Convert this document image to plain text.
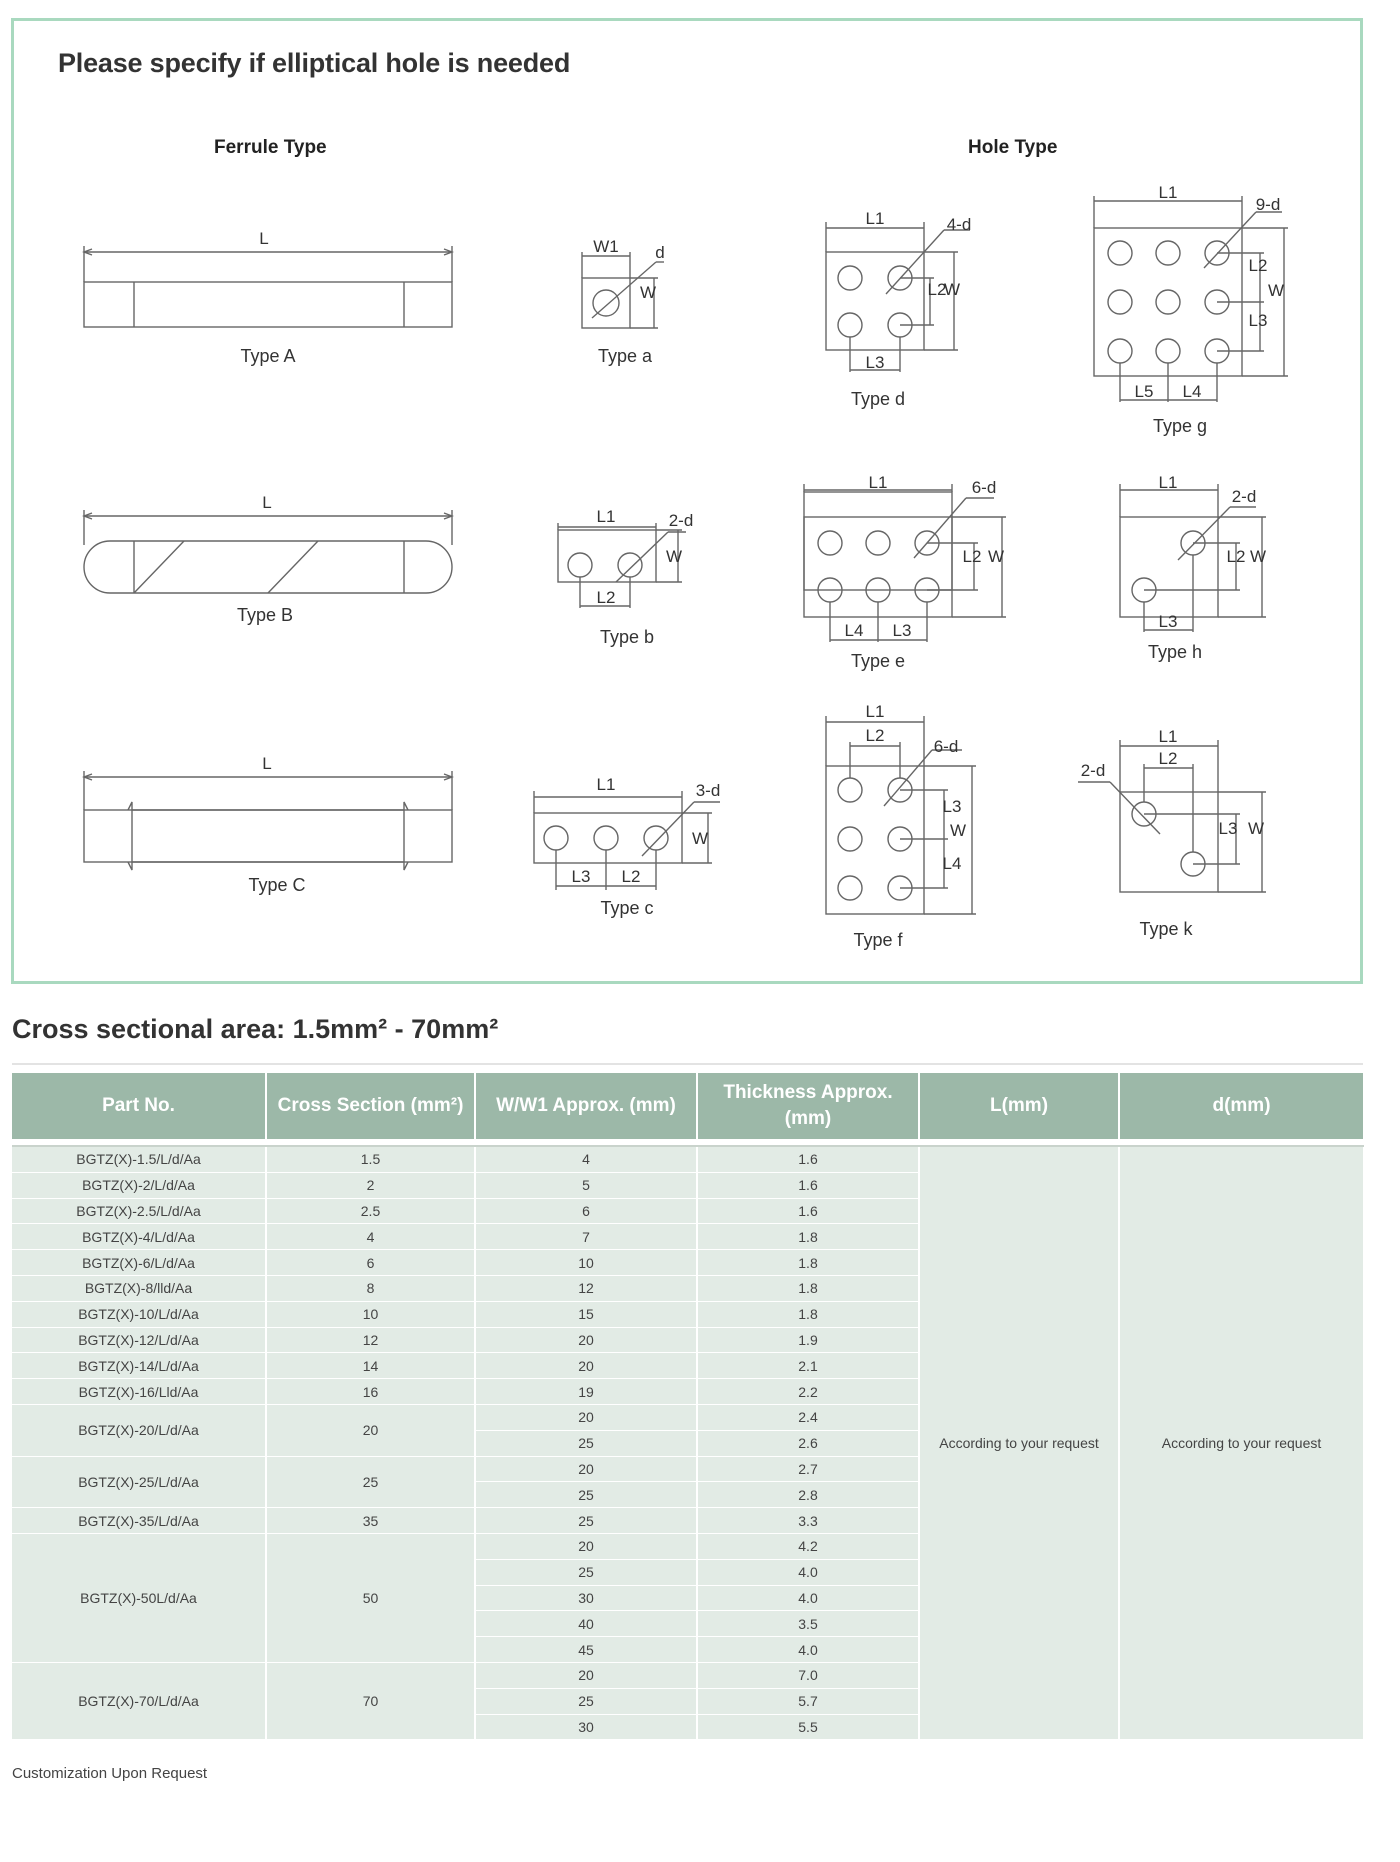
Please specify if elliptical hole is needed
Ferrule Type	Hole Type
L
Type A
L
Type B
L
Type C
W1 d
W
Type a
L1	2-d
W
L2
Type b
L1	3-d
W
L3 L2
Type c
L1	4-d
L2
W
L3
Type d
L1
9-d
L2
W
L3
L5 L4
Type g
L1	6-d
L2 W
L4 L3
Type e
L1
2-d
L2 W
L3
Type h
L1
L2
6-d
L3
W
L4
Type f
L1
L2
2-d
L3 W
Type k
Cross sectional area: 1.5mm² - 70mm²
Part No.	Cross Section (mm²)	W/W1 Approx. (mm)	Thickness Approx. (mm)	L(mm)	d(mm)

BGTZ(X)-1.5/L/d/Aa	1.5	4	1.6	According to your request	According to your request
BGTZ(X)-2/L/d/Aa	2	5	1.6		
BGTZ(X)-2.5/L/d/Aa	2.5	6	1.6		
BGTZ(X)-4/L/d/Aa	4	7	1.8		
BGTZ(X)-6/L/d/Aa	6	10	1.8		
BGTZ(X)-8/lld/Aa	8	12	1.8		
BGTZ(X)-10/L/d/Aa	10	15	1.8		
BGTZ(X)-12/L/d/Aa	12	20	1.9		
BGTZ(X)-14/L/d/Aa	14	20	2.1		
BGTZ(X)-16/Lld/Aa	16	19	2.2		
BGTZ(X)-20/L/d/Aa	20	20	2.4		
		25	2.6		
BGTZ(X)-25/L/d/Aa	25	20	2.7		
		25	2.8		
BGTZ(X)-35/L/d/Aa	35	25	3.3		
BGTZ(X)-50L/d/Aa	50	20	4.2		
		25	4.0		
		30	4.0		
		40	3.5		
		45	4.0		
BGTZ(X)-70/L/d/Aa	70	20	7.0		
		25	5.7		
		30	5.5		
Customization Upon Request
